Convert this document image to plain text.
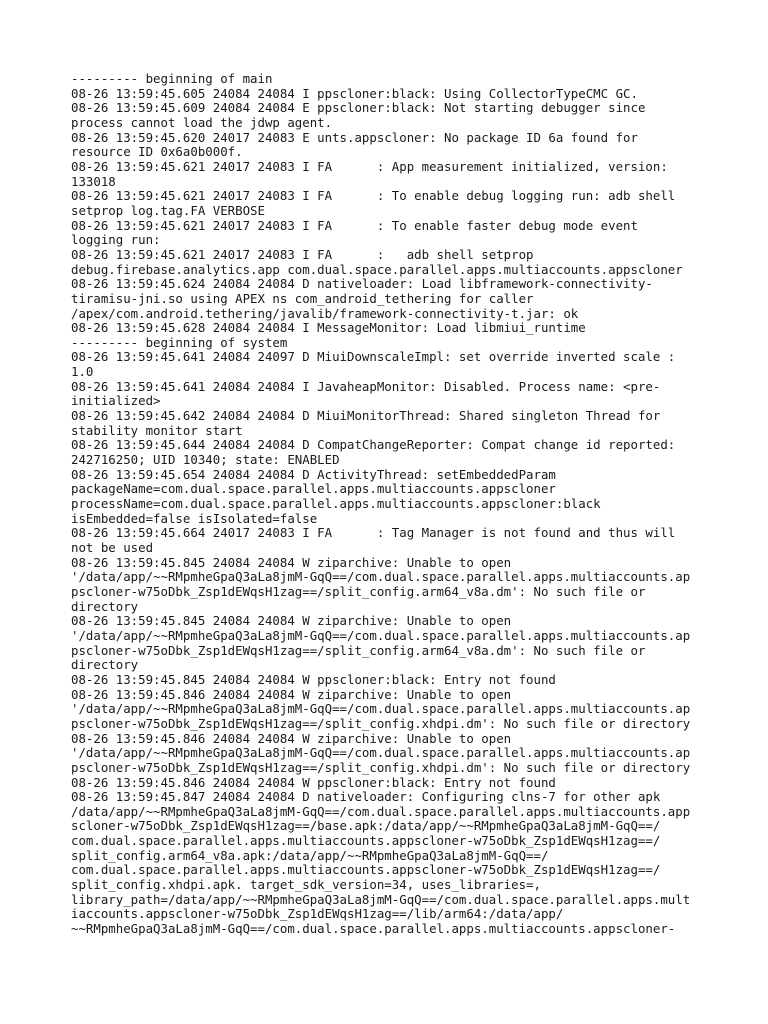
--------- beginning of main
08-26 13:59:45.605 24084 24084 I ppscloner:black: Using CollectorTypeCMC GC.
08-26 13:59:45.609 24084 24084 E ppscloner:black: Not starting debugger since
process cannot load the jdwp agent.
08-26 13:59:45.620 24017 24083 E unts.appscloner: No package ID 6a found for
resource ID 0x6a0b000f.
08-26 13:59:45.621 24017 24083 I FA      : App measurement initialized, version:
133018
08-26 13:59:45.621 24017 24083 I FA      : To enable debug logging run: adb shell
setprop log.tag.FA VERBOSE
08-26 13:59:45.621 24017 24083 I FA      : To enable faster debug mode event
logging run:
08-26 13:59:45.621 24017 24083 I FA      :   adb shell setprop
debug.firebase.analytics.app com.dual.space.parallel.apps.multiaccounts.appscloner
08-26 13:59:45.624 24084 24084 D nativeloader: Load libframework-connectivity-
tiramisu-jni.so using APEX ns com_android_tethering for caller
/apex/com.android.tethering/javalib/framework-connectivity-t.jar: ok
08-26 13:59:45.628 24084 24084 I MessageMonitor: Load libmiui_runtime
--------- beginning of system
08-26 13:59:45.641 24084 24097 D MiuiDownscaleImpl: set override inverted scale :
1.0
08-26 13:59:45.641 24084 24084 I JavaheapMonitor: Disabled. Process name: <pre-
initialized>
08-26 13:59:45.642 24084 24084 D MiuiMonitorThread: Shared singleton Thread for
stability monitor start
08-26 13:59:45.644 24084 24084 D CompatChangeReporter: Compat change id reported:
242716250; UID 10340; state: ENABLED
08-26 13:59:45.654 24084 24084 D ActivityThread: setEmbeddedParam
packageName=com.dual.space.parallel.apps.multiaccounts.appscloner
processName=com.dual.space.parallel.apps.multiaccounts.appscloner:black
isEmbedded=false isIsolated=false
08-26 13:59:45.664 24017 24083 I FA      : Tag Manager is not found and thus will
not be used
08-26 13:59:45.845 24084 24084 W ziparchive: Unable to open
'/data/app/~~RMpmheGpaQ3aLa8jmM-GqQ==/com.dual.space.parallel.apps.multiaccounts.ap
pscloner-w75oDbk_Zsp1dEWqsH1zag==/split_config.arm64_v8a.dm': No such file or
directory
08-26 13:59:45.845 24084 24084 W ziparchive: Unable to open
'/data/app/~~RMpmheGpaQ3aLa8jmM-GqQ==/com.dual.space.parallel.apps.multiaccounts.ap
pscloner-w75oDbk_Zsp1dEWqsH1zag==/split_config.arm64_v8a.dm': No such file or
directory
08-26 13:59:45.845 24084 24084 W ppscloner:black: Entry not found
08-26 13:59:45.846 24084 24084 W ziparchive: Unable to open
'/data/app/~~RMpmheGpaQ3aLa8jmM-GqQ==/com.dual.space.parallel.apps.multiaccounts.ap
pscloner-w75oDbk_Zsp1dEWqsH1zag==/split_config.xhdpi.dm': No such file or directory
08-26 13:59:45.846 24084 24084 W ziparchive: Unable to open
'/data/app/~~RMpmheGpaQ3aLa8jmM-GqQ==/com.dual.space.parallel.apps.multiaccounts.ap
pscloner-w75oDbk_Zsp1dEWqsH1zag==/split_config.xhdpi.dm': No such file or directory
08-26 13:59:45.846 24084 24084 W ppscloner:black: Entry not found
08-26 13:59:45.847 24084 24084 D nativeloader: Configuring clns-7 for other apk
/data/app/~~RMpmheGpaQ3aLa8jmM-GqQ==/com.dual.space.parallel.apps.multiaccounts.app
scloner-w75oDbk_Zsp1dEWqsH1zag==/base.apk:/data/app/~~RMpmheGpaQ3aLa8jmM-GqQ==/
com.dual.space.parallel.apps.multiaccounts.appscloner-w75oDbk_Zsp1dEWqsH1zag==/
split_config.arm64_v8a.apk:/data/app/~~RMpmheGpaQ3aLa8jmM-GqQ==/
com.dual.space.parallel.apps.multiaccounts.appscloner-w75oDbk_Zsp1dEWqsH1zag==/
split_config.xhdpi.apk. target_sdk_version=34, uses_libraries=,
library_path=/data/app/~~RMpmheGpaQ3aLa8jmM-GqQ==/com.dual.space.parallel.apps.mult
iaccounts.appscloner-w75oDbk_Zsp1dEWqsH1zag==/lib/arm64:/data/app/
~~RMpmheGpaQ3aLa8jmM-GqQ==/com.dual.space.parallel.apps.multiaccounts.appscloner-
